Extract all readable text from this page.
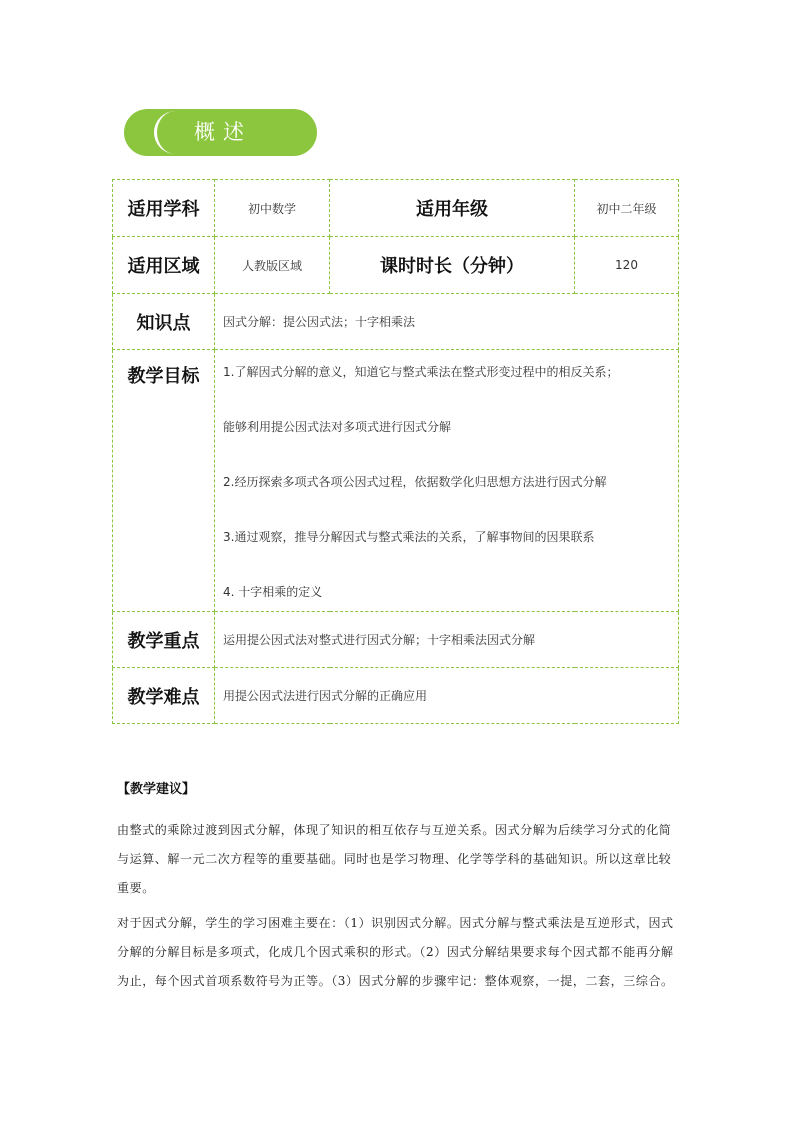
概述
适用学科	初中数学	适用年级	初中二年级
适用区域	人教版区域	课时时长（分钟）	120
知识点	因式分解：提公因式法；十字相乘法		
教学目标	1.了解因式分解的意义，知道它与整式乘法在整式形变过程中的相反关系；
能够利用提公因式法对多项式进行因式分解
2.经历探索多项式各项公因式过程，依据数学化归思想方法进行因式分解
3.通过观察，推导分解因式与整式乘法的关系，了解事物间的因果联系
4. 十字相乘的定义		

教学重点	运用提公因式法对整式进行因式分解；十字相乘法因式分解		
教学难点	用提公因式法进行因式分解的正确应用		
【教学建议】

由整式的乘除过渡到因式分解，体现了知识的相互依存与互逆关系。因式分解为后续学习分式的化简与运算、解一元二次方程等的重要基础。同时也是学习物理、化学等学科的基础知识。所以这章比较重要。

对于因式分解，学生的学习困难主要在：（1）识别因式分解。因式分解与整式乘法是互逆形式，因式分解的分解目标是多项式，化成几个因式乘积的形式。（2）因式分解结果要求每个因式都不能再分解为止，每个因式首项系数符号为正等。（3）因式分解的步骤牢记：整体观察，一提，二套，三综合。
